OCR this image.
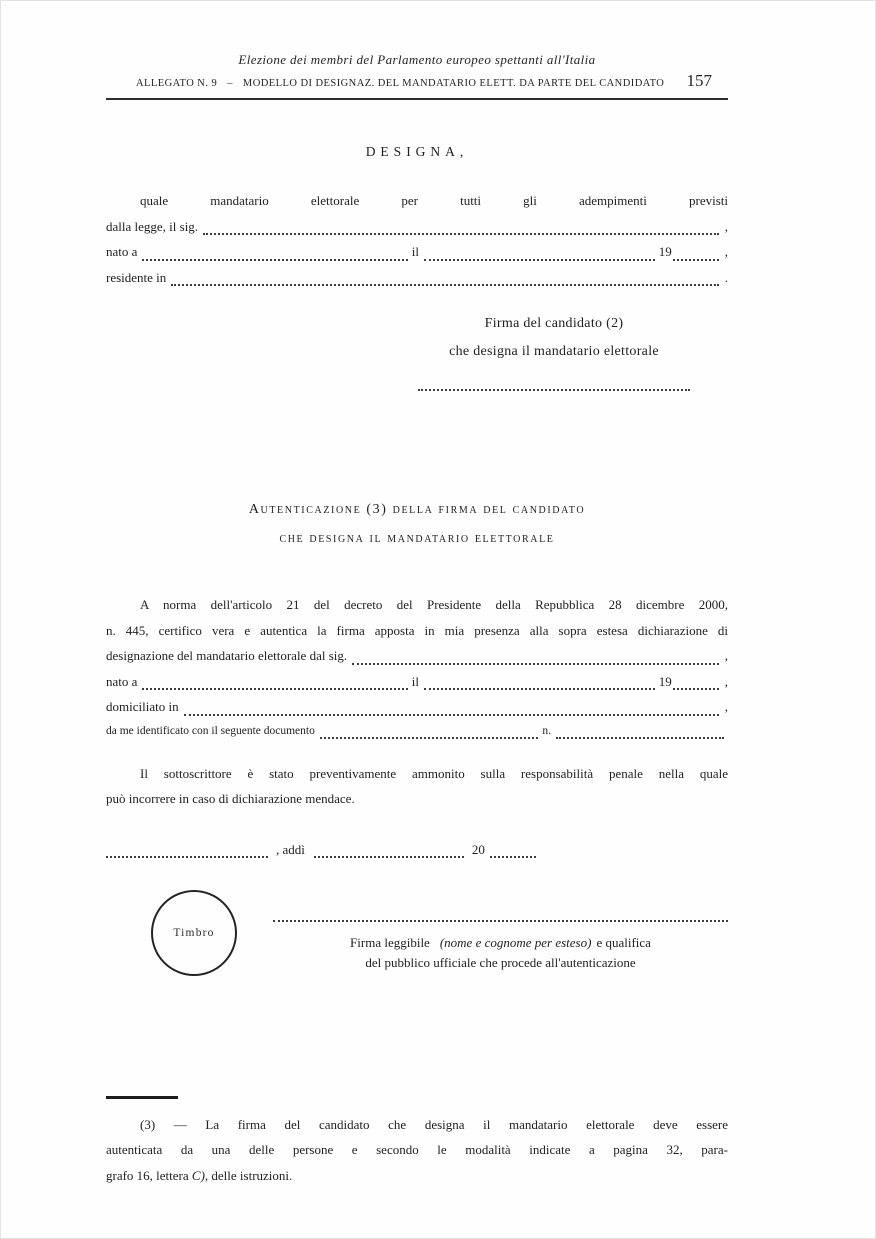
Elezione dei membri del Parlamento europeo spettanti all'Italia
ALLEGATO N. 9 – MODELLO DI DESIGNAZ. DEL MANDATARIO ELETT. DA PARTE DEL CANDIDATO 157
DESIGNA,
quale mandatario elettorale per tutti gli adempimenti previsti
dalla legge, il sig.	,
nato a	il	19	,
residente in	.
Firma del candidato (2)
che designa il mandatario elettorale
Autenticazione (3) della firma del candidato
che designa il mandatario elettorale
A norma dell'articolo 21 del decreto del Presidente della Repubblica 28 dicembre 2000,
n. 445, certifico vera e autentica la firma apposta in mia presenza alla sopra estesa dichiarazione di
designazione del mandatario elettorale dal sig.	,
nato a	il	19	,
domiciliato in	,
da me identificato con il seguente documento	n.
Il sottoscrittore è stato preventivamente ammonito sulla responsabilità penale nella quale
può incorrere in caso di dichiarazione mendace.
, addì	20
Timbro
Firma leggibile (nome e cognome per esteso) e qualifica
del pubblico ufficiale che procede all'autenticazione
(3) — La firma del candidato che designa il mandatario elettorale deve essere
autenticata da una delle persone e secondo le modalità indicate a pagina 32, para-
grafo 16, lettera C), delle istruzioni.
